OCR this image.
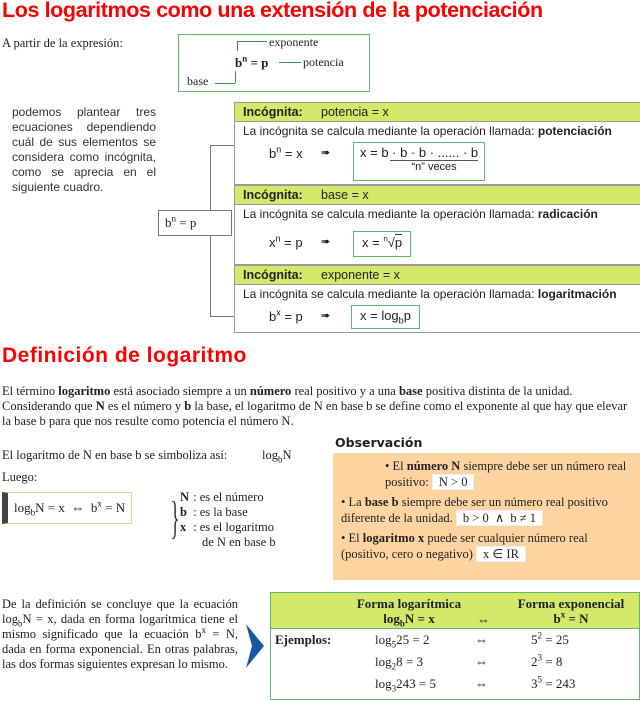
Los logaritmos como una extensión de la potenciación
A partir de la expresión:
$b^n = p$
exponente
potencia
base
podemos plantear tres ecuaciones dependiendo cuál de sus elementos se considera como incógnita, como se aprecia en el siguiente cuadro.
$b^n = p$
Incógnita: potencia = x
La incógnita se calcula mediante la operación llamada: potenciación
$b^n = x$ ➠ x = b · b · b · ...... · b
“n” veces
Incógnita: base = x
La incógnita se calcula mediante la operación llamada: radicación
$x^n = p$ ➠	x = $^n$√p
Incógnita: exponente = x
La incógnita se calcula mediante la operación llamada: logaritmación
$b^x = p$ ➠	$x = \log_bp$
Definición de logaritmo
El término logaritmo está asociado siempre a un número real positivo y a una base positiva distinta de la unidad. Considerando que N es el número y b la base, el logaritmo de N en base b se define como el exponente al que hay que elevar la base b para que nos resulte como potencia el número N.
El logaritmo de N en base b se simboliza así:	$\log_bN$
Luego:
$\log_bN = x$  ⇔  $b^x = N$ } N : es el número
b : es la base
x : es el logaritmo
de N en base b
Observación
• El número N siempre debe ser un número real positivo: N > 0
• La base b siempre debe ser un número real positivo diferente de la unidad. b > 0  ∧  b ≠ 1
• El logaritmo x puede ser cualquier número real (positivo, cero o negativo) x ∈ IR
De la definición se concluye que la ecuación $\log_bN = x$, dada en forma logarítmica tiene el mismo significado que la ecuación $b^x = N$, dada en forma exponencial. En otras palabras, las dos formas siguientes expresan lo mismo.
Forma logarítmica
$\log_bN = x$	⇔
Forma exponencial
$b^x = N$
Ejemplos:	$\log_525 = 2$	⇔	$5^2 = 25$
	$\log_28 = 3$	⇔	$2^3 = 8$
	$\log_3243 = 5$	⇔	$3^5 = 243$
